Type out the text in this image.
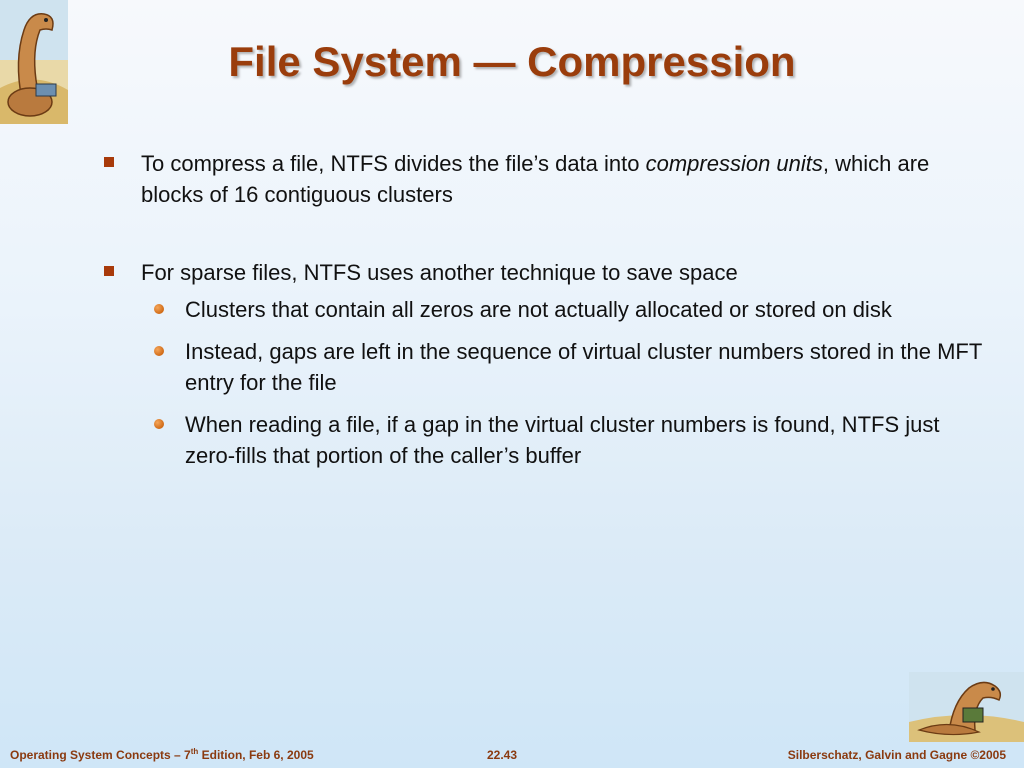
File System — Compression
To compress a file, NTFS divides the file’s data into compression units, which are blocks of 16 contiguous clusters
For sparse files, NTFS uses another technique to save space
Clusters that contain all zeros are not actually allocated or stored on disk
Instead, gaps are left in the sequence of virtual cluster numbers stored in the MFT entry for the file
When reading a file, if a gap in the virtual cluster numbers is found, NTFS just zero-fills that portion of the caller’s buffer
Operating System Concepts – 7th Edition, Feb 6, 2005	22.43	Silberschatz, Galvin and Gagne ©2005
